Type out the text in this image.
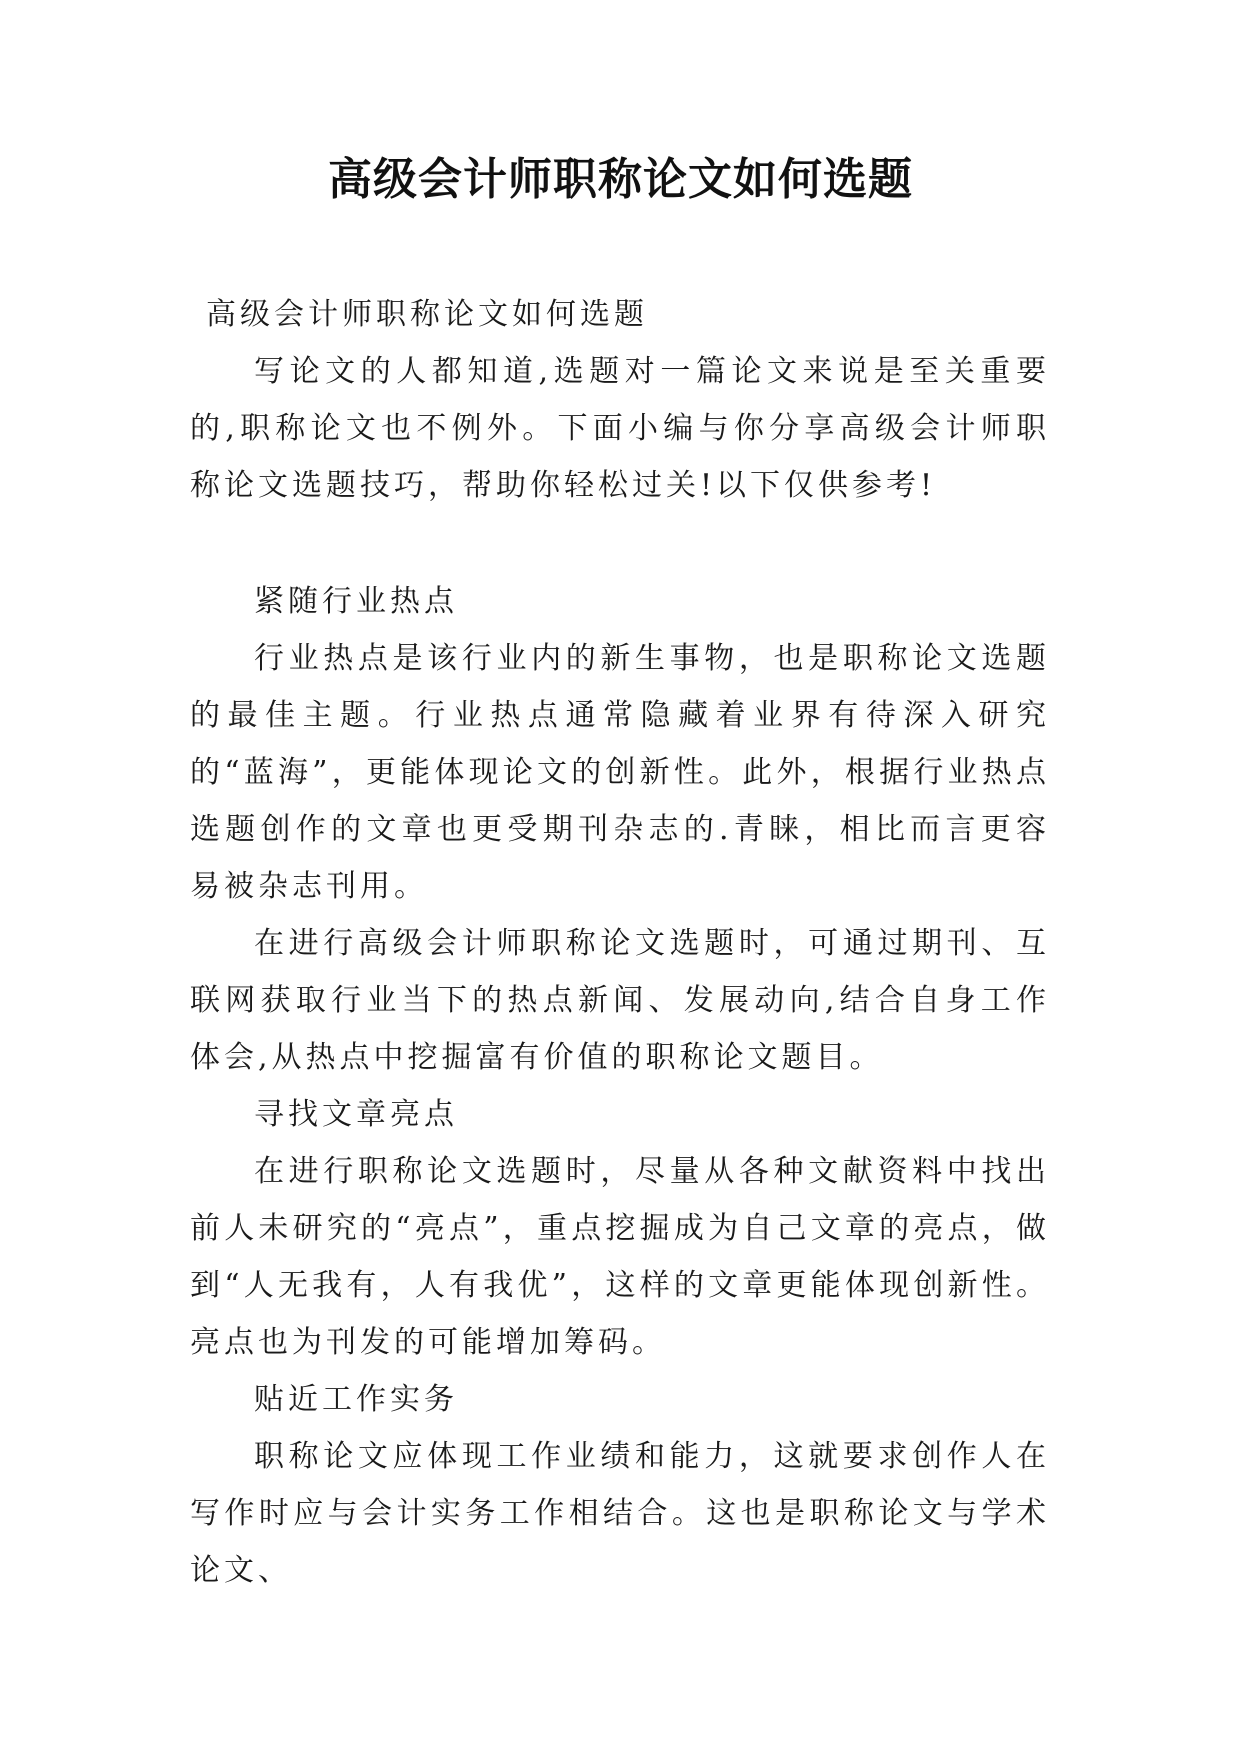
高级会计师职称论文如何选题

高级会计师职称论文如何选题

写论文的人都知道,选题对一篇论文来说是至关重要的,职称论文也不例外。下面小编与你分享高级会计师职称论文选题技巧，帮助你轻松过关!以下仅供参考!

紧随行业热点

行业热点是该行业内的新生事物，也是职称论文选题的最佳主题。行业热点通常隐藏着业界有待深入研究的“蓝海”，更能体现论文的创新性。此外，根据行业热点选题创作的文章也更受期刊杂志的.青睐，相比而言更容易被杂志刊用。

在进行高级会计师职称论文选题时，可通过期刊、互联网获取行业当下的热点新闻、发展动向,结合自身工作体会,从热点中挖掘富有价值的职称论文题目。

寻找文章亮点

在进行职称论文选题时，尽量从各种文献资料中找出前人未研究的“亮点”，重点挖掘成为自己文章的亮点，做到“人无我有，人有我优”，这样的文章更能体现创新性。亮点也为刊发的可能增加筹码。

贴近工作实务

职称论文应体现工作业绩和能力，这就要求创作人在写作时应与会计实务工作相结合。这也是职称论文与学术论文、
